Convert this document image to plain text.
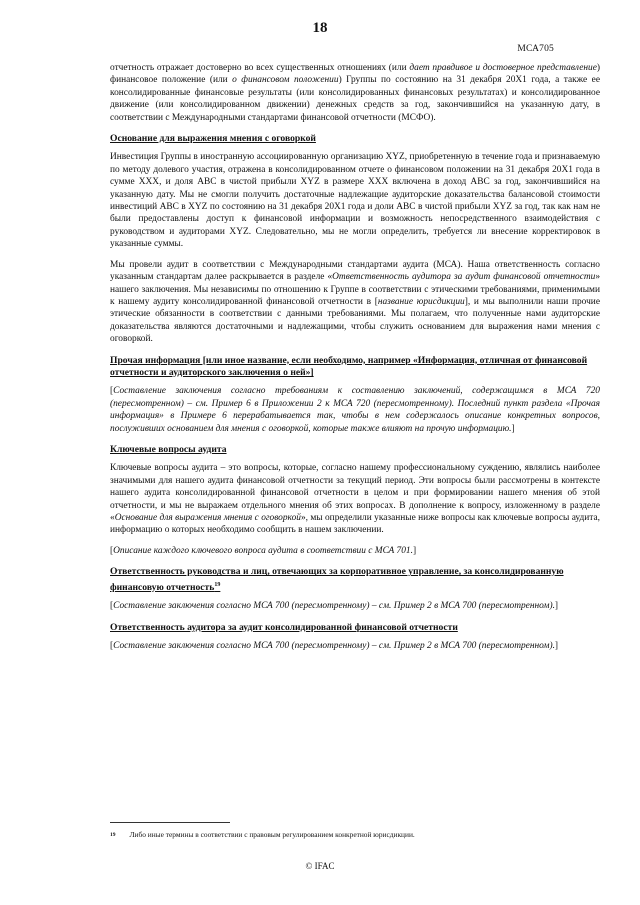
18
МСА705

отчетность отражает достоверно во всех существенных отношениях (или дает правдивое и достоверное представление) финансовое положение (или о финансовом положении) Группы по состоянию на 31 декабря 20X1 года, а также ее консолидированные финансовые результаты (или консолидированных финансовых результатах) и консолидированное движение (или консолидированном движении) денежных средств за год, закончившийся на указанную дату, в соответствии с Международными стандартами финансовой отчетности (МСФО).

Основание для выражения мнения с оговоркой

Инвестиция Группы в иностранную ассоциированную организацию XYZ, приобретенную в течение года и признаваемую по методу долевого участия, отражена в консолидированном отчете о финансовом положении на 31 декабря 20X1 года в сумме XXX, и доля ABC в чистой прибыли XYZ в размере XXX включена в доход ABC за год, закончившийся на указанную дату. Мы не смогли получить достаточные надлежащие аудиторские доказательства балансовой стоимости инвестиций ABC в XYZ по состоянию на 31 декабря 20X1 года и доли ABC в чистой прибыли XYZ за год, так как нам не были предоставлены доступ к финансовой информации и возможность непосредственного взаимодействия с руководством и аудиторами XYZ. Следовательно, мы не могли определить, требуется ли внесение корректировок в указанные суммы.

Мы провели аудит в соответствии с Международными стандартами аудита (МСА). Наша ответственность согласно указанным стандартам далее раскрывается в разделе «Ответственность аудитора за аудит финансовой отчетности» нашего заключения. Мы независимы по отношению к Группе в соответствии с этическими требованиями, применимыми к нашему аудиту консолидированной финансовой отчетности в [название юрисдикции], и мы выполнили наши прочие этические обязанности в соответствии с данными требованиями. Мы полагаем, что полученные нами аудиторские доказательства являются достаточными и надлежащими, чтобы служить основанием для выражения нами мнения с оговоркой.

Прочая информация [или иное название, если необходимо, например «Информация, отличная от финансовой отчетности и аудиторского заключения о ней»]

[Составление заключения согласно требованиям к составлению заключений, содержащимся в МСА 720 (пересмотренном) – см. Пример 6 в Приложении 2 к МСА 720 (пересмотренному). Последний пункт раздела «Прочая информация» в Примере 6 перерабатывается так, чтобы в нем содержалось описание конкретных вопросов, послуживших основанием для мнения с оговоркой, которые также влияют на прочую информацию.]

Ключевые вопросы аудита

Ключевые вопросы аудита – это вопросы, которые, согласно нашему профессиональному суждению, являлись наиболее значимыми для нашего аудита финансовой отчетности за текущий период. Эти вопросы были рассмотрены в контексте нашего аудита консолидированной финансовой отчетности в целом и при формировании нашего мнения об этой отчетности, и мы не выражаем отдельного мнения об этих вопросах. В дополнение к вопросу, изложенному в разделе «Основание для выражения мнения с оговоркой», мы определили указанные ниже вопросы как ключевые вопросы аудита, информацию о которых необходимо сообщить в нашем заключении.

[Описание каждого ключевого вопроса аудита в соответствии с МСА 701.]

Ответственность руководства и лиц, отвечающих за корпоративное управление, за консолидированную финансовую отчетность$^{19}$

[Составление заключения согласно МСА 700 (пересмотренному) – см. Пример 2 в МСА 700 (пересмотренном).]

Ответственность аудитора за аудит консолидированной финансовой отчетности

[Составление заключения согласно МСА 700 (пересмотренному) – см. Пример 2 в МСА 700 (пересмотренном).]

$^{19}$ Либо иные термины в соответствии с правовым регулированием конкретной юрисдикции.
© IFAC
